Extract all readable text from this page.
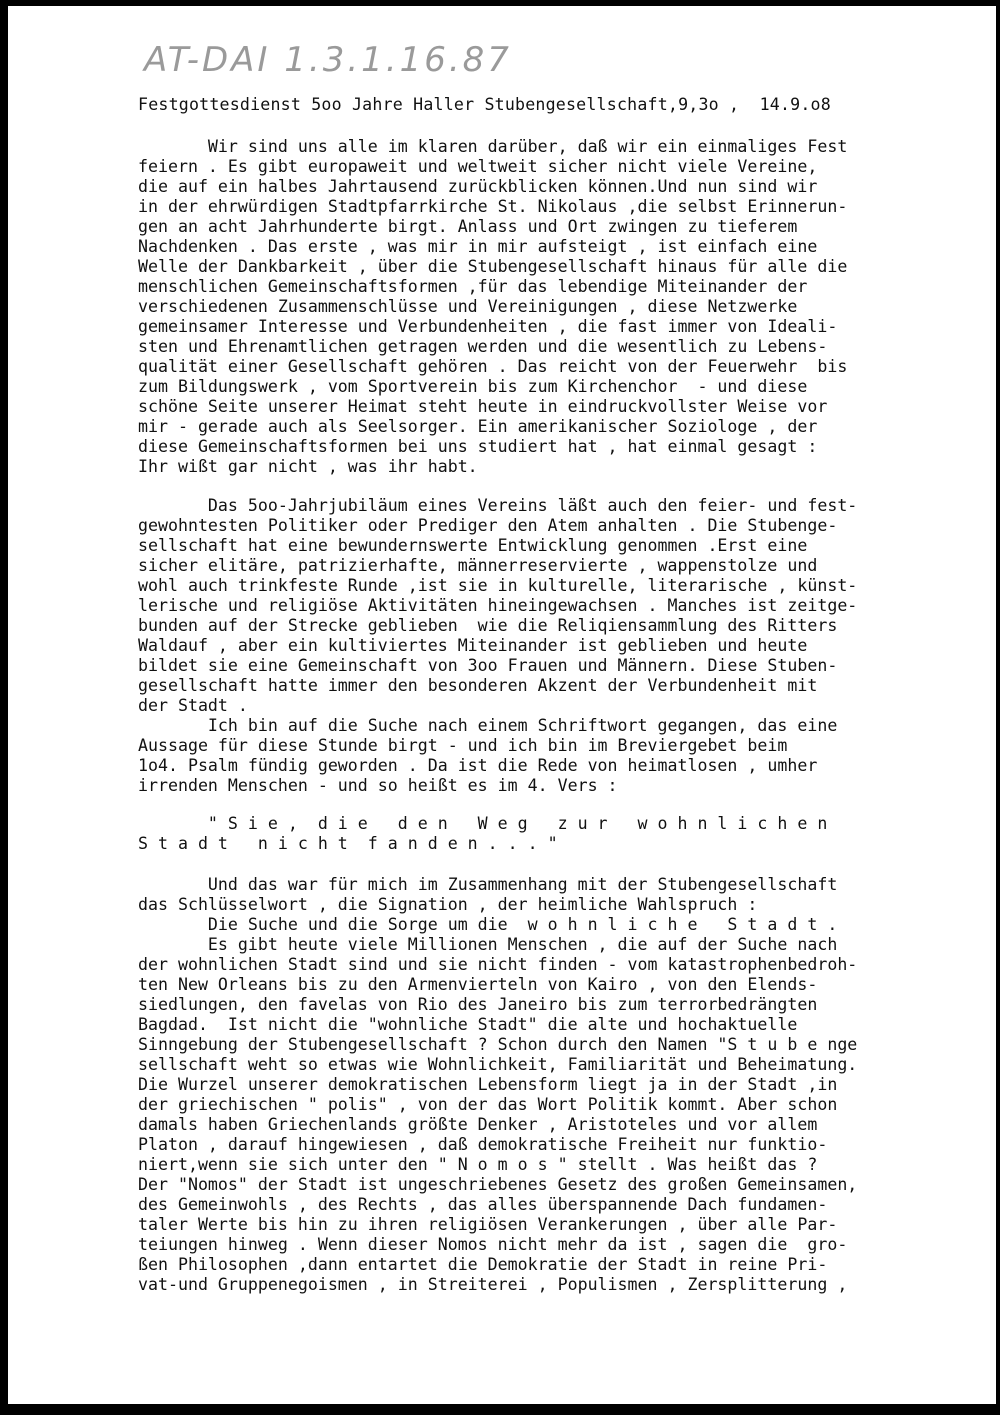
AT-DAI 1.3.1.16.87
Festgottesdienst 5oo Jahre Haller Stubengesellschaft,9,3o ,  14.9.o8
Wir sind uns alle im klaren darüber, daß wir ein einmaliges Fest
feiern . Es gibt europaweit und weltweit sicher nicht viele Vereine,
die auf ein halbes Jahrtausend zurückblicken können.Und nun sind wir
in der ehrwürdigen Stadtpfarrkirche St. Nikolaus ,die selbst Erinnerun-
gen an acht Jahrhunderte birgt. Anlass und Ort zwingen zu tieferem
Nachdenken . Das erste , was mir in mir aufsteigt , ist einfach eine
Welle der Dankbarkeit , über die Stubengesellschaft hinaus für alle die
menschlichen Gemeinschaftsformen ,für das lebendige Miteinander der
verschiedenen Zusammenschlüsse und Vereinigungen , diese Netzwerke
gemeinsamer Interesse und Verbundenheiten , die fast immer von Ideali-
sten und Ehrenamtlichen getragen werden und die wesentlich zu Lebens-
qualität einer Gesellschaft gehören . Das reicht von der Feuerwehr  bis
zum Bildungswerk , vom Sportverein bis zum Kirchenchor  - und diese
schöne Seite unserer Heimat steht heute in eindruckvollster Weise vor
mir - gerade auch als Seelsorger. Ein amerikanischer Soziologe , der
diese Gemeinschaftsformen bei uns studiert hat , hat einmal gesagt :
Ihr wißt gar nicht , was ihr habt.
Das 5oo-Jahrjubiläum eines Vereins läßt auch den feier- und fest-
gewohntesten Politiker oder Prediger den Atem anhalten . Die Stubenge-
sellschaft hat eine bewundernswerte Entwicklung genommen .Erst eine
sicher elitäre, patrizierhafte, männerreservierte , wappenstolze und
wohl auch trinkfeste Runde ,ist sie in kulturelle, literarische , künst-
lerische und religiöse Aktivitäten hineingewachsen . Manches ist zeitge-
bunden auf der Strecke geblieben  wie die Reliqiensammlung des Ritters
Waldauf , aber ein kultiviertes Miteinander ist geblieben und heute
bildet sie eine Gemeinschaft von 3oo Frauen und Männern. Diese Stuben-
gesellschaft hatte immer den besonderen Akzent der Verbundenheit mit
der Stadt .
Ich bin auf die Suche nach einem Schriftwort gegangen, das eine
Aussage für diese Stunde birgt - und ich bin im Breviergebet beim
1o4. Psalm fündig geworden . Da ist die Rede von heimatlosen , umher
irrenden Menschen - und so heißt es im 4. Vers :
" S i e ,  d i e   d e n   W e g   z u r   w o h n l i c h e n
S t a d t   n i c h t  f a n d e n . . . "
Und das war für mich im Zusammenhang mit der Stubengesellschaft
das Schlüsselwort , die Signation , der heimliche Wahlspruch :
Die Suche und die Sorge um die  w o h n l i c h e   S t a d t .
Es gibt heute viele Millionen Menschen , die auf der Suche nach
der wohnlichen Stadt sind und sie nicht finden - vom katastrophenbedroh-
ten New Orleans bis zu den Armenvierteln von Kairo , von den Elends-
siedlungen, den favelas von Rio des Janeiro bis zum terrorbedrängten
Bagdad.  Ist nicht die "wohnliche Stadt" die alte und hochaktuelle
Sinngebung der Stubengesellschaft ? Schon durch den Namen "S t u b e nge
sellschaft weht so etwas wie Wohnlichkeit, Familiarität und Beheimatung.
Die Wurzel unserer demokratischen Lebensform liegt ja in der Stadt ,in
der griechischen " polis" , von der das Wort Politik kommt. Aber schon
damals haben Griechenlands größte Denker , Aristoteles und vor allem
Platon , darauf hingewiesen , daß demokratische Freiheit nur funktio-
niert,wenn sie sich unter den " N o m o s " stellt . Was heißt das ?
Der "Nomos" der Stadt ist ungeschriebenes Gesetz des großen Gemeinsamen,
des Gemeinwohls , des Rechts , das alles überspannende Dach fundamen-
taler Werte bis hin zu ihren religiösen Verankerungen , über alle Par-
teiungen hinweg . Wenn dieser Nomos nicht mehr da ist , sagen die  gro-
ßen Philosophen ,dann entartet die Demokratie der Stadt in reine Pri-
vat-und Gruppenegoismen , in Streiterei , Populismen , Zersplitterung ,
